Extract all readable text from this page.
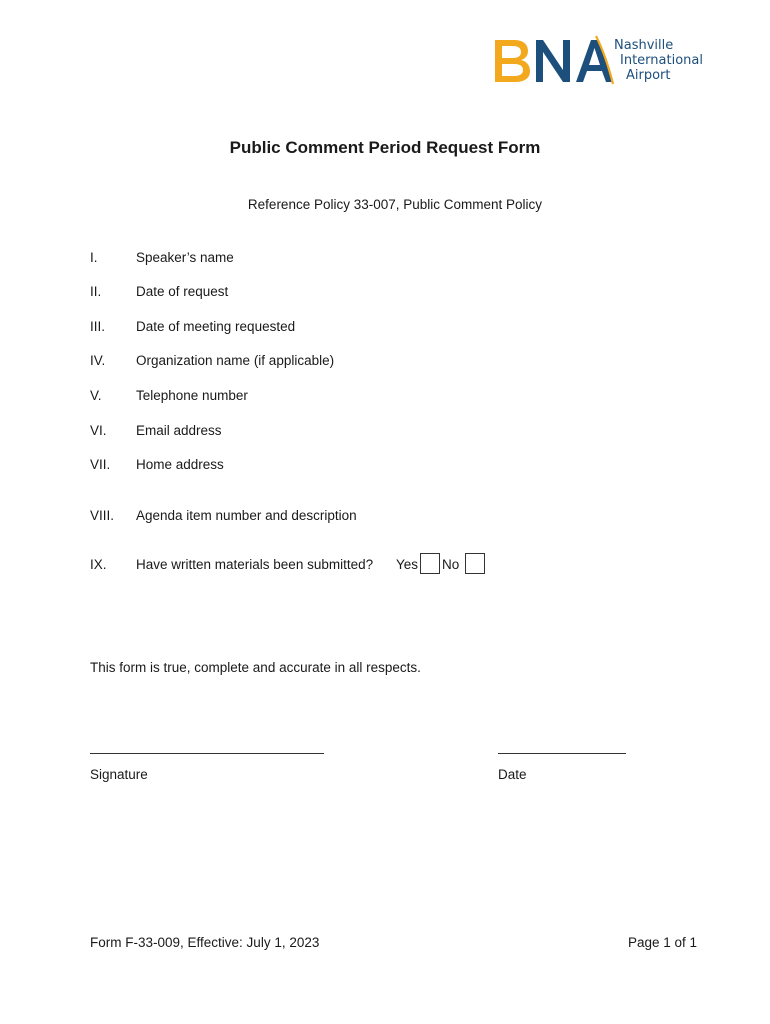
Nashville
International
Airport
Public Comment Period Request Form
Reference Policy 33-007, Public Comment Policy
I.	Speaker’s name
II.	Date of request
III.	Date of meeting requested
IV.	Organization name (if applicable)
V.	Telephone number
VI.	Email address
VII.	Home address
VIII.	Agenda item number and description
IX.	Have written materials been submitted? Yes No
This form is true, complete and accurate in all respects.
Signature	Date
Form F-33-009, Effective: July 1, 2023	Page 1 of 1
